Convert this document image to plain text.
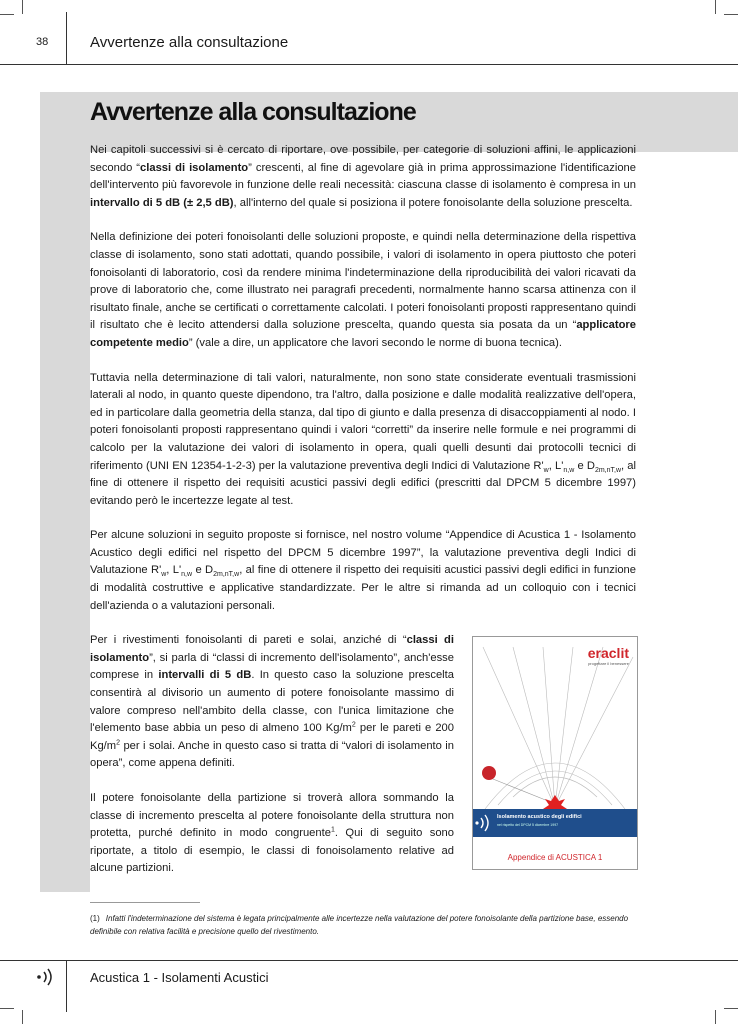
38	Avvertenze alla consultazione
Avvertenze alla consultazione

Nei capitoli successivi si è cercato di riportare, ove possibile, per categorie di soluzioni affini, le applicazioni secondo “classi di isolamento” crescenti, al fine di agevolare già in prima approssimazione l'identificazione dell'intervento più favorevole in funzione delle reali necessità: ciascuna classe di isolamento è compresa in un intervallo di 5 dB (± 2,5 dB), all'interno del quale si posiziona il potere fonoisolante della soluzione prescelta.

Nella definizione dei poteri fonoisolanti delle soluzioni proposte, e quindi nella determinazione della rispettiva classe di isolamento, sono stati adottati, quando possibile, i valori di isolamento in opera piuttosto che poteri fonoisolanti di laboratorio, così da rendere minima l'indeterminazione della riproducibilità dei valori ricavati da prove di laboratorio che, come illustrato nei paragrafi precedenti, normalmente hanno scarsa attinenza con il risultato finale, anche se certificati o correttamente calcolati. I poteri fonoisolanti proposti rappresentano quindi il risultato che è lecito attendersi dalla soluzione prescelta, quando questa sia posata da un “applicatore competente medio” (vale a dire, un applicatore che lavori secondo le norme di buona tecnica).

Tuttavia nella determinazione di tali valori, naturalmente, non sono state considerate eventuali trasmissioni laterali al nodo, in quanto queste dipendono, tra l'altro, dalla posizione e dalle modalità realizzative dell'opera, ed in particolare dalla geometria della stanza, dal tipo di giunto e dalla presenza di disaccoppiamenti al nodo. I poteri fonoisolanti proposti rappresentano quindi i valori “corretti” da inserire nelle formule e nei programmi di calcolo per la valutazione dei valori di isolamento in opera, quali quelli desunti dai protocolli tecnici di riferimento (UNI EN 12354-1-2-3) per la valutazione preventiva degli Indici di Valutazione $R'_w$, $L'_{n,w}$ e $D_{2m,nT,w}$, al fine di ottenere il rispetto dei requisiti acustici passivi degli edifici (prescritti dal DPCM 5 dicembre 1997) evitando però le incertezze legate al test.

Per alcune soluzioni in seguito proposte si fornisce, nel nostro volume “Appendice di Acustica 1 - Isolamento Acustico degli edifici nel rispetto del DPCM 5 dicembre 1997”, la valutazione preventiva degli Indici di Valutazione $R'_w$, $L'_{n,w}$ e $D_{2m,nT,w}$, al fine di ottenere il rispetto dei requisiti acustici passivi degli edifici in funzione di modalità costruttive e applicative standardizzate. Per le altre si rimanda ad un colloquio con i tecnici dell'azienda o a valutazioni personali.

Per i rivestimenti fonoisolanti di pareti e solai, anziché di “classi di isolamento”, si parla di “classi di incremento dell'isolamento”, anch'esse comprese in intervalli di 5 dB. In questo caso la soluzione prescelta consentirà al divisorio un aumento di potere fonoisolante massimo di valore compreso nell'ambito della classe, con l'unica limitazione che l'elemento base abbia un peso di almeno 100 $Kg/m^2$ per le pareti e 200 $Kg/m^2$ per i solai. Anche in questo caso si tratta di “valori di isolamento in opera”, come appena definiti.

Il potere fonoisolante della partizione si troverà allora sommando la classe di incremento prescelta al potere fonoisolante della struttura non protetta, purché definito in modo congruente$^1$. Qui di seguito sono riportate, a titolo di esempio, le classi di fonoisolamento relative ad alcune partizioni.

eraclit
progettare il benessere
Isolamento acustico degli edifici
nel rispetto del DPCM 5 dicembre 1997
Appendice di ACUSTICA 1
(1) Infatti l'indeterminazione del sistema è legata principalmente alle incertezze nella valutazione del potere fonoisolante della partizione base, essendo definibile con relativa facilità e precisione quello del rivestimento.
Acustica 1 - Isolamenti Acustici
